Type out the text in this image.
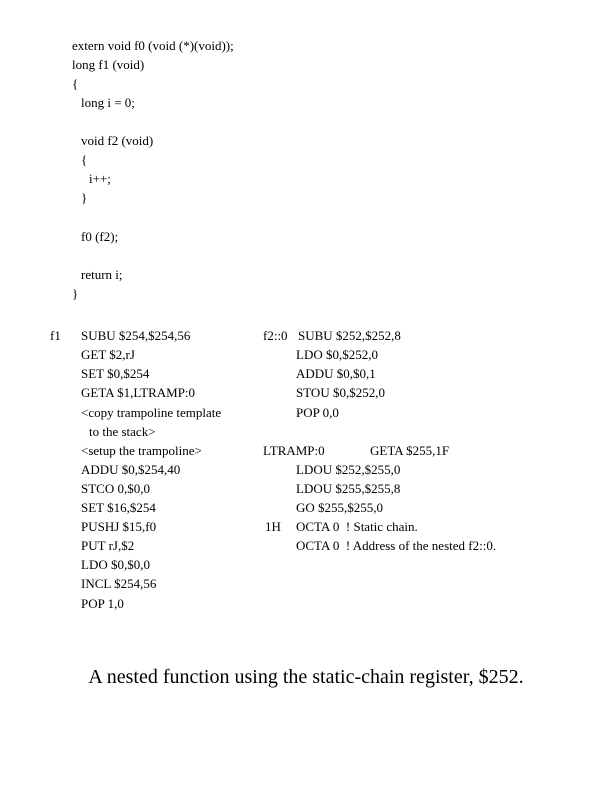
extern void f0 (void (*)(void));
long f1 (void)
{
long i = 0;
void f2 (void)
{
i++;
}
f0 (f2);
return i;
}
f1 SUBU $254,$254,56
GET $2,rJ
SET $0,$254
GETA $1,LTRAMP:0
<copy trampoline template
to the stack>
<setup the trampoline>
ADDU $0,$254,40
STCO 0,$0,0
SET $16,$254
PUSHJ $15,f0
PUT rJ,$2
LDO $0,$0,0
INCL $254,56
POP 1,0
f2::0 SUBU $252,$252,8
LDO $0,$252,0
ADDU $0,$0,1
STOU $0,$252,0
POP 0,0
LTRAMP:0	GETA $255,1F
LDOU $252,$255,0
LDOU $255,$255,8
GO $255,$255,0
1H OCTA 0  ! Static chain.
OCTA 0  ! Address of the nested f2::0.
A nested function using the static-chain register, $252.
